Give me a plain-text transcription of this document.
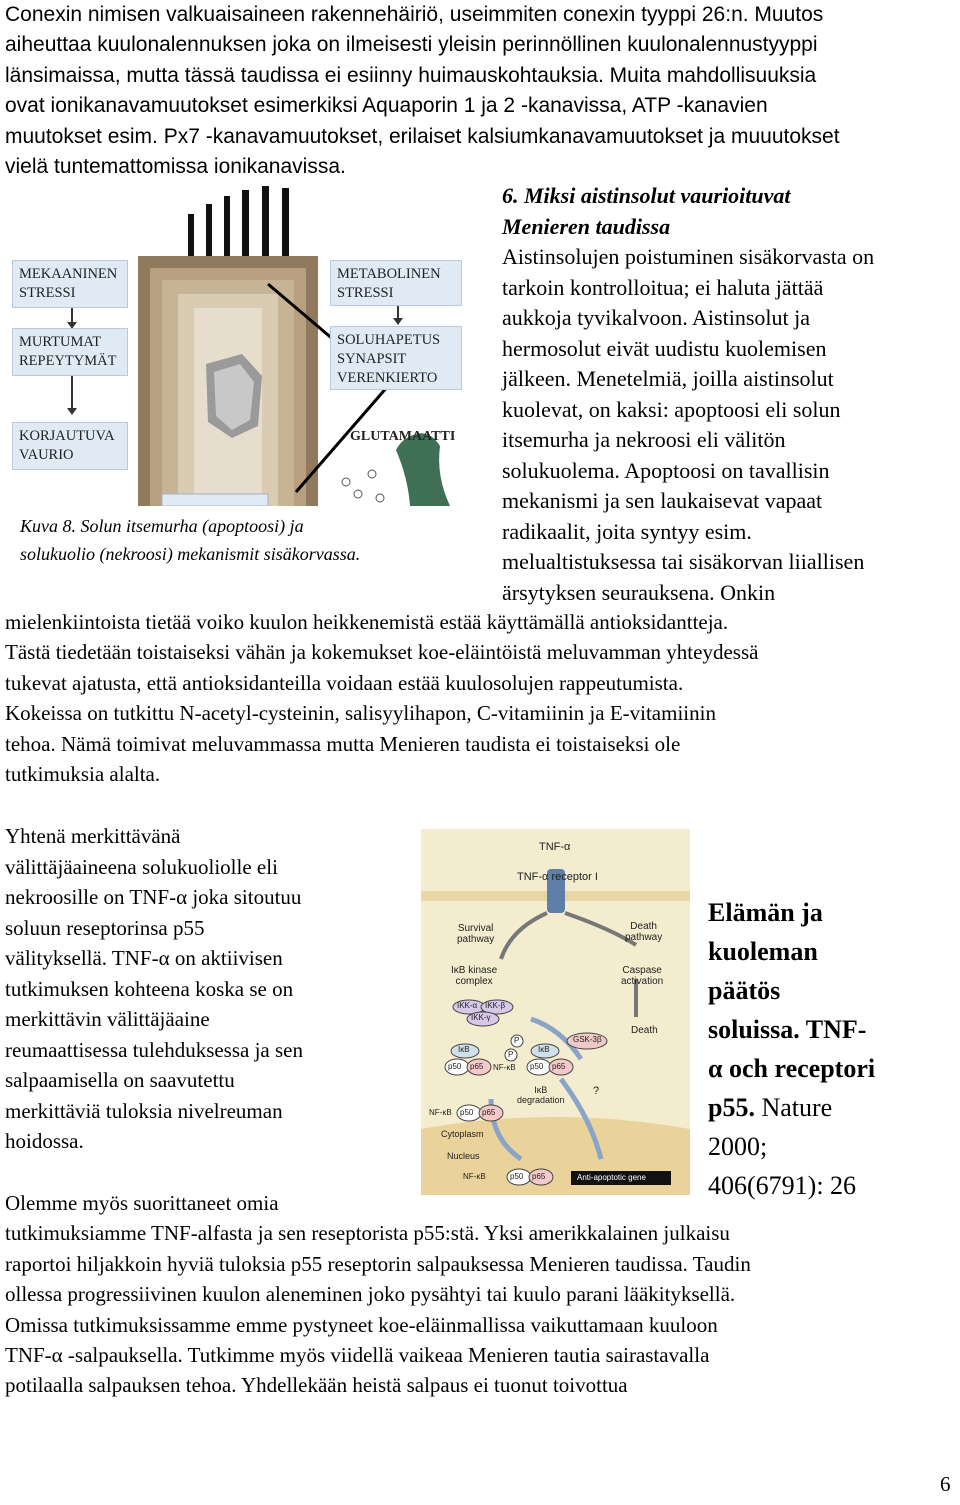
Conexin nimisen valkuaisaineen rakennehäiriö, useimmiten conexin tyyppi 26:n. Muutos
aiheuttaa kuulonalennuksen joka on ilmeisesti yleisin perinnöllinen kuulonalennustyyppi
länsimaissa, mutta tässä taudissa ei esiinny huimauskohtauksia. Muita mahdollisuuksia
ovat ionikanavamuutokset esimerkiksi Aquaporin 1 ja 2 -kanavissa, ATP -kanavien
muutokset esim. Px7 -kanavamuutokset, erilaiset kalsiumkanavamuutokset ja muuutokset
vielä tuntemattomissa ionikanavissa.
MEKAANINEN
STRESSI
MURTUMAT
REPEYTYMÄT
KORJAUTUVA
VAURIO
METABOLINEN
STRESSI
SOLUHAPETUS
SYNAPSIT
VERENKIERTO
GLUTAMAATTI
Kuva 8. Solun itsemurha (apoptoosi) ja
solukuolio (nekroosi) mekanismit sisäkorvassa.
6. Miksi aistinsolut vaurioituvat
Menieren taudissa
Aistinsolujen poistuminen sisäkorvasta on
tarkoin kontrolloitua; ei haluta jättää
aukkoja tyvikalvoon. Aistinsolut ja
hermosolut eivät uudistu kuolemisen
jälkeen. Menetelmiä, joilla aistinsolut
kuolevat, on kaksi: apoptoosi eli solun
itsemurha ja nekroosi eli välitön
solukuolema. Apoptoosi on tavallisin
mekanismi ja sen laukaisevat vapaat
radikaalit, joita syntyy esim.
melualtistuksessa tai sisäkorvan liiallisen
ärsytyksen seurauksena. Onkin
mielenkiintoista tietää voiko kuulon heikkenemistä estää käyttämällä antioksidantteja.
Tästä tiedetään toistaiseksi vähän ja kokemukset koe-eläintöistä meluvamman yhteydessä
tukevat ajatusta, että antioksidanteilla voidaan estää kuulosolujen rappeutumista.
Kokeissa on tutkittu N-acetyl-cysteinin, salisyylihapon, C-vitamiinin ja E-vitamiinin
tehoa. Nämä toimivat meluvammassa mutta Menieren taudista ei toistaiseksi ole
tutkimuksia alalta.
Yhtenä merkittävänä
välittäjäaineena solukuoliolle eli
nekroosille on TNF-α joka sitoutuu
soluun reseptorinsa p55
välityksellä. TNF-α on aktiivisen
tutkimuksen kohteena koska se on
merkittävin välittäjäaine
reumaattisessa tulehduksessa ja sen
salpaamisella on saavutettu
merkittäviä tuloksia nivelreuman
hoidossa.
TNF-α
TNF-α receptor I
Survival
pathway
IκB kinase
complex
Death
pathway
Caspase
activation
Death
IKK-α IKK-β
IKK-γ
GSK-3β
IκB	IκB
p50 p65 NF-κB p50 p65
P
P
IκB
degradation
?
NF-κB p50 p65
Cytoplasm
Nucleus
NF-κB	p50 p65	Anti-apoptotic gene
Elämän ja
kuoleman
päätös
soluissa. TNF-
α och receptori
p55. Nature
2000;
406(6791): 26
Olemme myös suorittaneet omia
tutkimuksiamme TNF-alfasta ja sen reseptorista p55:stä. Yksi amerikkalainen julkaisu
raportoi hiljakkoin hyviä tuloksia p55 reseptorin salpauksessa Menieren taudissa. Taudin
ollessa progressiivinen kuulon aleneminen joko pysähtyi tai kuulo parani lääkityksellä.
Omissa tutkimuksissamme emme pystyneet koe-eläinmallissa vaikuttamaan kuuloon
TNF-α -salpauksella. Tutkimme myös viidellä vaikeaa Menieren tautia sairastavalla
potilaalla salpauksen tehoa. Yhdellekään heistä salpaus ei tuonut toivottua
6
